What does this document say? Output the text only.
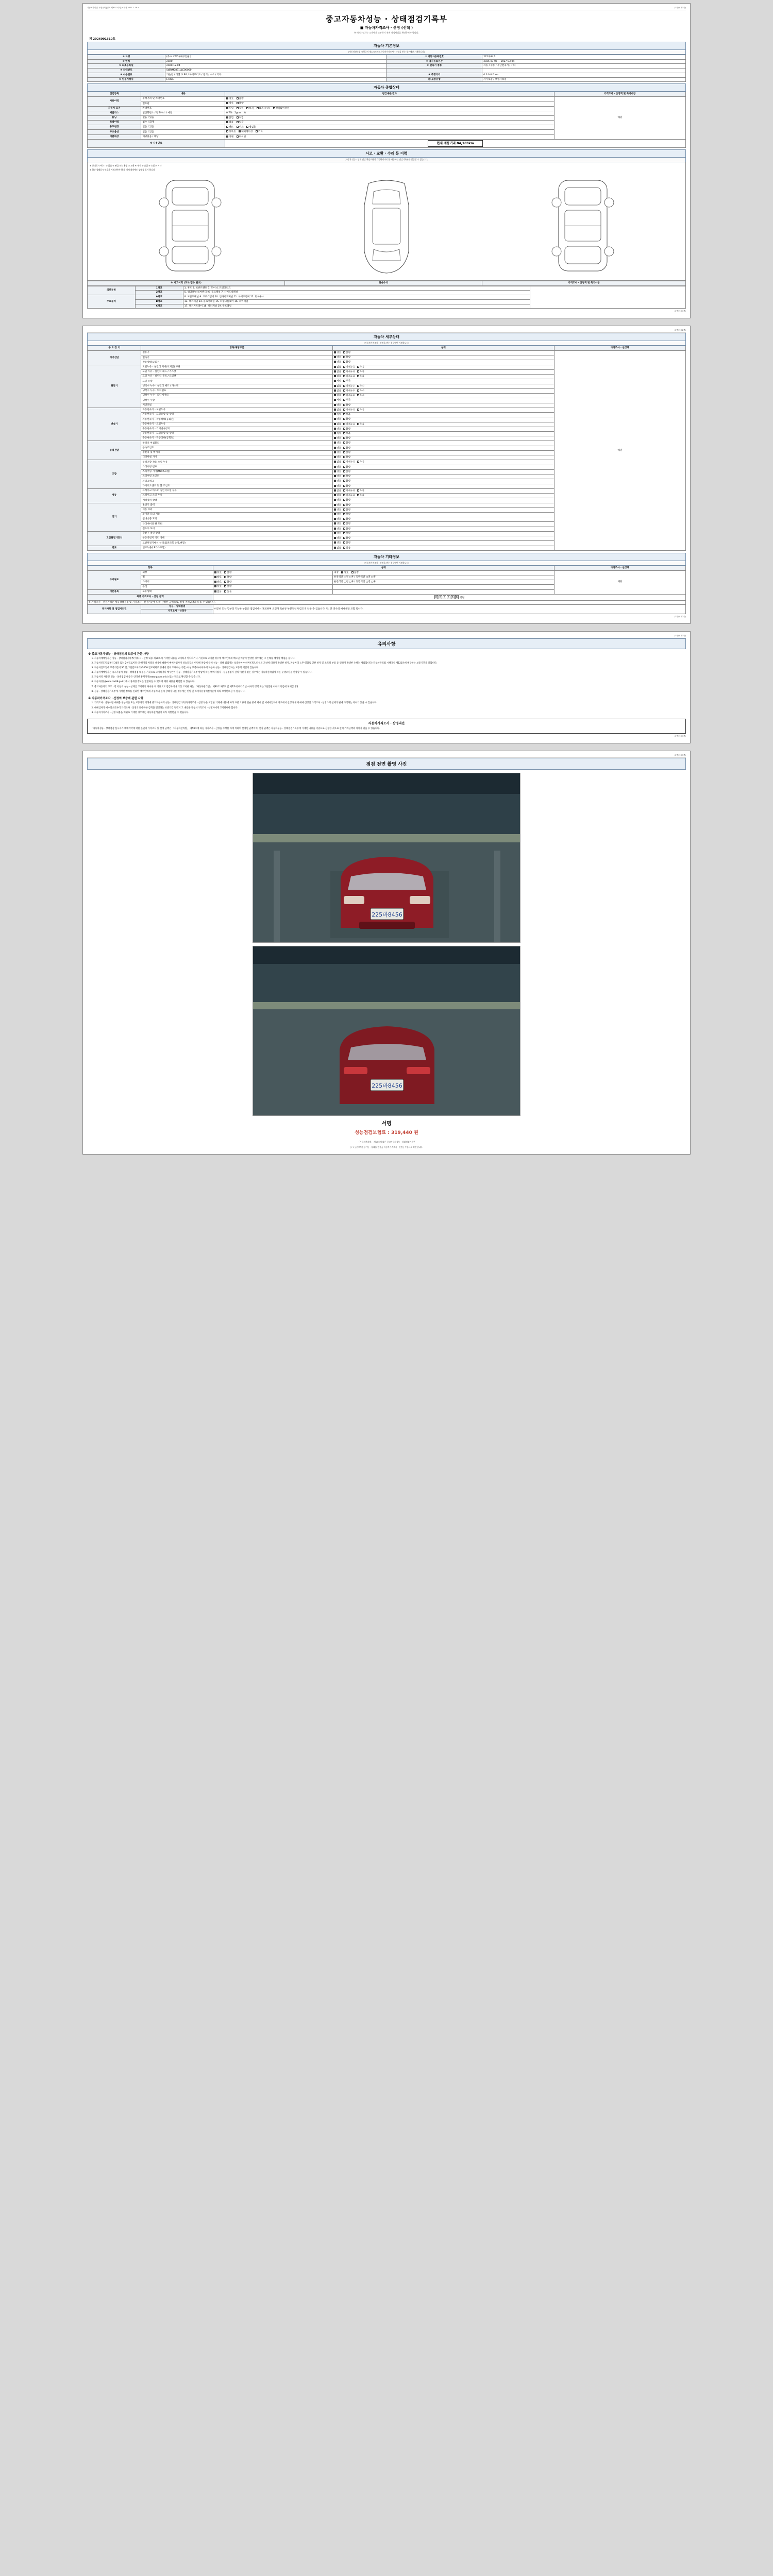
자동차관리법 시행규칙 [별지 제82호서식] <개정 2021.1.19.>	(3쪽중 제1쪽)
중고자동차성능 · 상태점검기록부
■ 자동차가격조사 · 산정 (선택 )
※ 매매사업자는 고객에게 교부하기 전에 점검사실을 확인하여야 합니다.
제 2026001510호
자동차 기본정보
(자동차관리법 시행규칙 제120조의2 자동차가격조사 · 산정을 받는 경우에만 기재합니다)
① 차명	(주-V 4WD (내부인물 )	② 자동차등록번호	225바84호
③ 연식	2020	④ 검사유효기간	2025-03-05 ~ 2027-03-04
⑤ 최초등록일	2020-12-04	⑥ 변속기 종류	자동 / 수동 / 무단변속기 / 기타
⑦ 차대번호	5J8RM0891LLE00000		
⑧ 사용연료	가솔린 / 디젤 / LPG / 하이브리드 / 전기 / 수소 / 기타	⑨ 주행거리	0 0 0 0 0 km
⑩ 원동기형식	L78SE	⑪ 보증유형	자가보증 / 보험사보증
자동차 종합상태
점검항목	내용	점검내용/결과	가격조사 · 산정액 및 특기사항
사용이력	주행거리 및 차대번호	양호 불량	해당
	번호판	양호 불량	
자동차 표기	차대번호	동일 상이 부식 훼손(오손) 상이확인불가	
배출가스	일산화탄소 / 탄화수소 / 매연	0.7% 2ppm %	
튜닝	없음 / 있음	불법 적법	
특별이력	침수 / 화재	없음 있음	
용도변경	없음 / 있음	렌트 리스 영업용	
주요옵션	없음 / 있음	선루프 내비게이션 기타	
리콜대상	해당없음 / 해당	이행 미이행	
※ 사용연료		현재 계통거리 84,169km	
사고 · 교환 · 수리 등 이력
(자동차 성능 · 상태 점검 책임보험에 가입하지 아니한 자동차는 점검기록부를 발급할 수 없습니다)
※ 상태표시 부호 : ① 없음 ② 판금 또는 용접 ③ 교환 ④ 부식 ⑤ 흠집 ⑥ 요철 ⑦ 기타
※ 하단 상태표시 부호가 기재되어야 하며, 기재 위치에도 상태를 표기 합니다
※ 사고이력 (교차/접수 필요)	단순수리	가격조사 · 산정액 및 특기사항
외판부위	1랭크	1. 후드 2. 프론트펜더 3. 도어 4. 트렁크리드	
	2랭크	5. 쿼터패널(리어펜더) 6. 루프패널 7. 사이드실패널	
주요골격	A랭크	8. 프론트패널 9. 크로스멤버 10. 인사이드패널 11. 사이드멤버 12. 휠하우스	
	B랭크	13. 대쉬패널 14. 플로어패널 15. 트렁크플로어 16. 리어패널	
	C랭크	17. 패키지트레이 18. 필러패널 19. 루프레일	
(3쪽중 제1쪽)
(3쪽중 제2쪽)
자동차 세부상태
(자동차가격조사 · 산정을 받는 경우에만 기재합니다)
주 요 장 치	항목/해당부품	상태	가격조사 · 산정액
자기진단	원동기	양호 불량	해당
	변속기	양호 불량	
	작동상태(공회전)	양호 불량	
원동기	오일누유 - 실린더 커버(로커암) 부위	없음 미세누유 누유	
	오일 누유 - 실린더 헤드 / 가스켓	없음 미세누유 누유	
	오일 누유 - 실린더 블록 / 오일팬	없음 미세누유 누유	
	오일 유량	적정 부족	
	냉각수 누수 - 실린더 헤드 / 가스켓	없음 미세누수 누수	
	냉각수 누수 - 워터펌프	없음 미세누수 누수	
	냉각수 누수 - 라디에이터	없음 미세누수 누수	
	냉각수 수량	적정 부족	
	커먼레일	양호 불량	
변속기	자동변속기 - 오일누유	없음 미세누유 누유	
	자동변속기 - 오일유량 및 상태	적정 부족	
	자동변속기 - 작동상태(공회전)	양호 불량	
	수동변속기 - 오일누유	없음 미세누유 누유	
	수동변속기 - 기어변속장치	양호 불량	
	수동변속기 - 오일유량 및 상태	적정 부족	
	수동변속기 - 작동상태(공회전)	양호 불량	
동력전달	클러치 어셈블리	양호 불량	
	등속조인트	양호 불량	
	추진축 및 베어링	양호 불량	
	디퍼렌셜 기어	양호 불량	
조향	동력조향 작동 오일 누유	없음 미세누유 누유	
	스티어링 펌프	양호 불량	
	스티어링 기어(MDPS포함)	양호 불량	
	스티어링 조인트	양호 불량	
	파워크랭크	양호 불량	
	타이로드엔드 및 볼 조인트	양호 불량	
제동	브레이크 마스터 실린더오일 누유	없음 미세누유 누유	
	브레이크 오일 누유	없음 미세누유 누유	
	배력장치 상태	양호 불량	
전기	발전기 출력	양호 불량	
	시동 모터	양호 불량	
	와이퍼 모터 기능	양호 불량	
	실내송풍 모터	양호 불량	
	라디에이터 팬 모터	양호 불량	
	윈도우 모터	양호 불량	
고전원전기장치	충전구 절연 상태	양호 불량	
	구동축전지 격리 상태	양호 불량	
	고전원전기배선 상태(접연피복 손상,변형)	양호 불량	
연료	연료누출(LP가스포함)	없음 있음	
자동차 기타정보
(자동차가격조사 · 산정을 받는 경우에만 기재합니다)
항목		상태		가격조사 · 산정액
수리필요	외장	양호 불량	내장 양호 불량	해당
	휠	양호 불량	운전석전 □전 □후 / 동반석전 □전 □후	
	타이어	양호 불량	운전석전 □전 □후 / 동반석전 □전 □후	
	유리	양호 불량		
기본품목	보유상태	없음 있음		
최종 가격조사 · 산정 금액		0 0 0 0 0 0 천원		
※ 가격조사 · 산정가격은 성능상태점검 및 가격조사 · 산정기준에 따라 산정한 금액으로, 실제 거래금액과 다를 수 있습니다.				
특기사항 및 점검자의견	성능 · 상태점검	비공비 되는 할부의 기능한 부품은 점검시에서 제외하며 오건가 특순규 부분적인 판금도색 안돌 수 있습니다. 단, 본 진수의 매매세달 포함 됩니다.		
	가격조사 · 산정자			
(3쪽중 제2쪽)
(3쪽중 제3쪽)
유의사항
※ 중고자동차성능 · 상태점검의 보증에 관한 사항
1. 자동차매매업자는 성능 · 상태점검기록부(이하 시 · 산정 내용 제30조제 기재한 내용을 고지하지 아니하거나 거짓으로 고지할 경우에 매수인에게 매도인 배상이 발생한 경우에는 그 손해를 배상할 책임을 집니다.
2. 자동차인도일로부터 30일 또는 2천킬로미터 (주행거리 차량의 내용에 대하여 매매사업자가 성능점검의 이력에 차량에 대해 성능 · 상태 점검자는 보증하여야 하며(다만, 타인의 과실에 의하여 발생한 하자, 자동차의 노후·열화로 인한 하자 및 소모성 부품 등 인하여 발생한 손해는 제외합니다) 자동차관리법 시행규칙 제120조에 해당하는 보증기간을 말합니다.
3. 자동차인도일에 보증기간이 30 일, 2천킬로미터 (2000 킬로미터로 중에서 먼저 도래하는 기간) 이상 보증하여야 하며 자동차 성능 · 상태점검자는 보증의 책임이 있습니다.
4. 자동차매매업자는 중고자동차 성능 · 상태점검 내용을 거짓으로 고지하거나 매수인이 성능 · 상태점검기록부 발급에 따른 매매사업자 · 성능점검자 간의 이견이 있는 경우에는 자동차관리법에 따른 분쟁조정을 신청할 수 있습니다.
5. 자동차의 사용본 성능 · 상태점검 내용은 인터넷 홈페이지(www.gacar.or.kr) 또는 전화로 확인할 수 있습니다.
6. 자동차성능(www.car08.go.kr)에서 상세한 정보를 열람하실 수 있으며 해당 내용을 확인할 수 있습니다.
7. 중고자동차의 구조 · 장치 등의 성능 · 상태를 고지하지 아니한 자 거짓으로 점검하거나 거짓 고지한 자는 「자동차관리법」 제80조 제6호 및 제7호에 따라 2년 이하의 징역 또는 2천만원 이하의 벌금에 처해집니다.
8. 성능 · 상태점검기록부에 기재된 정보를 신뢰한 매수인에게 자동차의 실제 상태가 다른 경우에는 민법 및 소비자분쟁해결기준에 따라 보상받으실 수 있습니다.
※ 자동차가격조사 · 산정의 보증에 관한 사항
1. 가격조사 · 산정이란 매매용 성능기준 또는 보증가의 이래에 중고자동차의 성능 · 상태점검기록부(가격조사 · 산정 부분 포함한 기재에 내용에 따라 표준 오류가 단순 중에 제시 및 매매사업자에 자료에서 산정가 위해 매매 신청인 가격조사 · 산정가의 실제가 판매 가격과는 차이가 있을 수 있습니다.
2. 매매업자가 매수인으로부터 가격조사 · 산정의뢰에 따른 금액을 결정하는 보증기간 전까지 그 내용을 자동차가격조사 · 산정자에게 고지하여야 합니다.
3. 자동차가격조사 · 산정 내용을 허위로 기재한 경우에는 자동차관리법에 따라 처벌받을 수 있습니다.
자동차가격조사 · 산정의견
「자동차성능 · 상태점검 실시자가 매매계약에 대한 본인의 가격조사 및 산정 금액은 「자동차관리법」 제58조에 따른 가격조사 · 산정을 수행한 자에 의하여 산정된 금액이며, 산정 금액은 자동차성능 · 상태점검기록부에 기재된 내용을 기준으로 산정한 것으로 실제 거래금액과 차이가 있을 수 있습니다.
(3쪽중 제3쪽)
(3쪽중 제3쪽)
점검 전면 촬영 사진
225바8456
225바8456
서명
성능점검보험료 : 319,440 원
「자동차관리법」 제58조에 따른 중고자동차성능 · 상태점검기록부
[ ! Y ] 중고차인등기능 · 상태를 검증, [ 자동차가격조사 · 산정 ] 부분으로 확인합니다.
